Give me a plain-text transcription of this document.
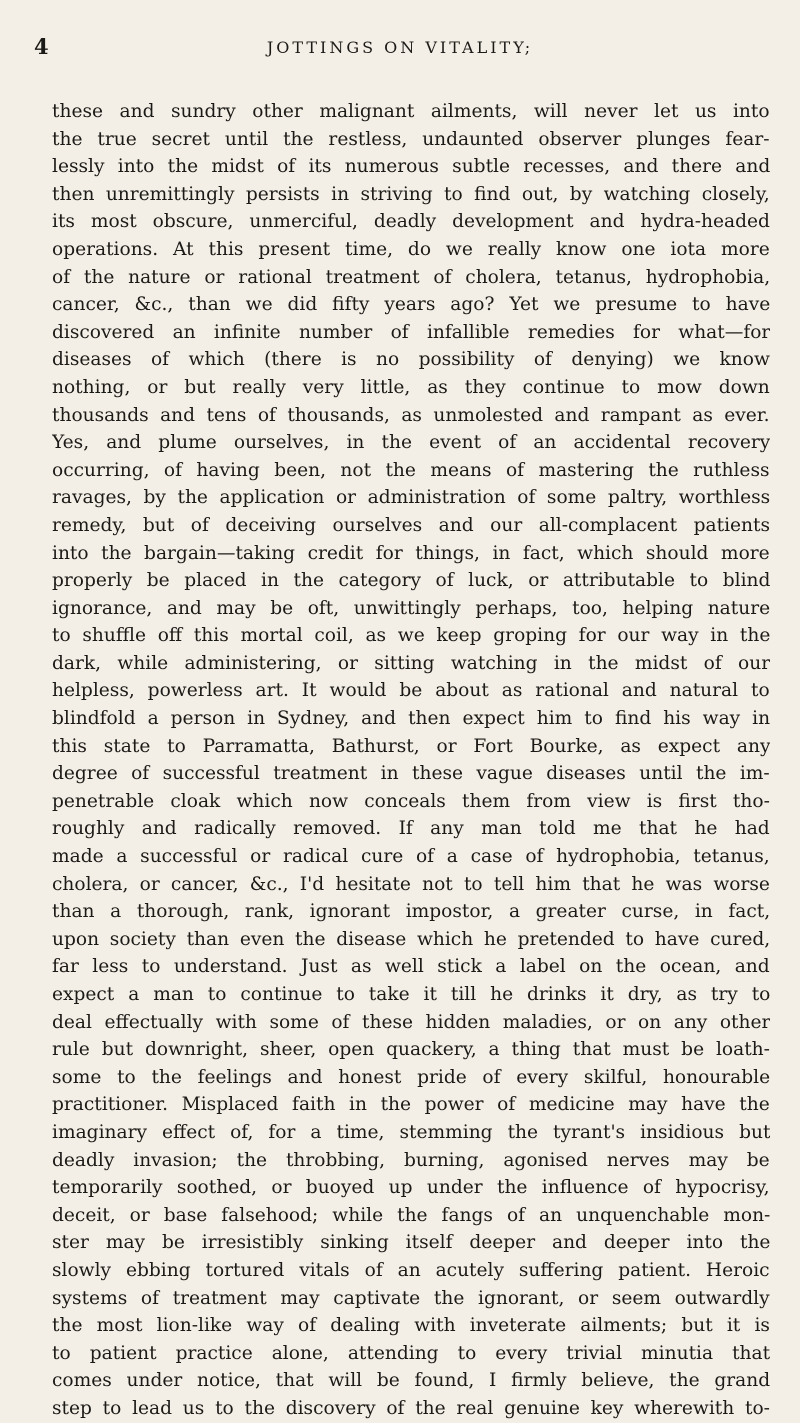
4	JOTTINGS ON VITALITY;
these and sundry other malignant ailments, will never let us into
the true secret until the restless, undaunted observer plunges fear-
lessly into the midst of its numerous subtle recesses, and there and
then unremittingly persists in striving to find out, by watching closely,
its most obscure, unmerciful, deadly development and hydra-headed
operations. At this present time, do we really know one iota more
of the nature or rational treatment of cholera, tetanus, hydrophobia,
cancer, &c., than we did fifty years ago? Yet we presume to have
discovered an infinite number of infallible remedies for what—for
diseases of which (there is no possibility of denying) we know
nothing, or but really very little, as they continue to mow down
thousands and tens of thousands, as unmolested and rampant as ever.
Yes, and plume ourselves, in the event of an accidental recovery
occurring, of having been, not the means of mastering the ruthless
ravages, by the application or administration of some paltry, worthless
remedy, but of deceiving ourselves and our all-complacent patients
into the bargain—taking credit for things, in fact, which should more
properly be placed in the category of luck, or attributable to blind
ignorance, and may be oft, unwittingly perhaps, too, helping nature
to shuffle off this mortal coil, as we keep groping for our way in the
dark, while administering, or sitting watching in the midst of our
helpless, powerless art. It would be about as rational and natural to
blindfold a person in Sydney, and then expect him to find his way in
this state to Parramatta, Bathurst, or Fort Bourke, as expect any
degree of successful treatment in these vague diseases until the im-
penetrable cloak which now conceals them from view is first tho-
roughly and radically removed. If any man told me that he had
made a successful or radical cure of a case of hydrophobia, tetanus,
cholera, or cancer, &c., I'd hesitate not to tell him that he was worse
than a thorough, rank, ignorant impostor, a greater curse, in fact,
upon society than even the disease which he pretended to have cured,
far less to understand. Just as well stick a label on the ocean, and
expect a man to continue to take it till he drinks it dry, as try to
deal effectually with some of these hidden maladies, or on any other
rule but downright, sheer, open quackery, a thing that must be loath-
some to the feelings and honest pride of every skilful, honourable
practitioner. Misplaced faith in the power of medicine may have the
imaginary effect of, for a time, stemming the tyrant's insidious but
deadly invasion; the throbbing, burning, agonised nerves may be
temporarily soothed, or buoyed up under the influence of hypocrisy,
deceit, or base falsehood; while the fangs of an unquenchable mon-
ster may be irresistibly sinking itself deeper and deeper into the
slowly ebbing tortured vitals of an acutely suffering patient. Heroic
systems of treatment may captivate the ignorant, or seem outwardly
the most lion-like way of dealing with inveterate ailments; but it is
to patient practice alone, attending to every trivial minutia that
comes under notice, that will be found, I firmly believe, the grand
step to lead us to the discovery of the real genuine key wherewith to-
